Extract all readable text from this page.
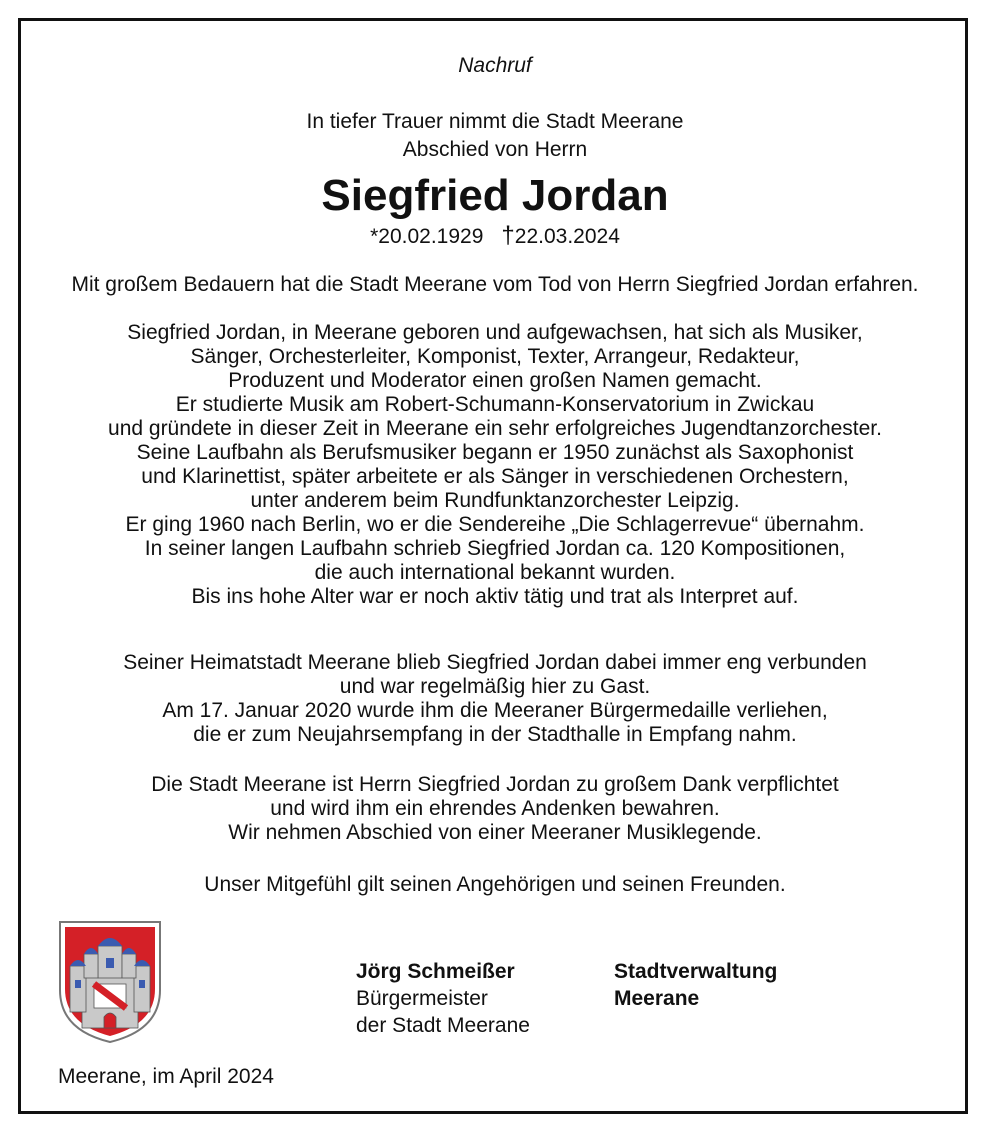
Nachruf
In tiefer Trauer nimmt die Stadt Meerane
Abschied von Herrn
Siegfried Jordan
*20.02.1929 †22.03.2024
Mit großem Bedauern hat die Stadt Meerane vom Tod von Herrn Siegfried Jordan erfahren.
Siegfried Jordan, in Meerane geboren und aufgewachsen, hat sich als Musiker,
Sänger, Orchesterleiter, Komponist, Texter, Arrangeur, Redakteur,
Produzent und Moderator einen großen Namen gemacht.
Er studierte Musik am Robert-Schumann-Konservatorium in Zwickau
und gründete in dieser Zeit in Meerane ein sehr erfolgreiches Jugendtanzorchester.
Seine Laufbahn als Berufsmusiker begann er 1950 zunächst als Saxophonist
und Klarinettist, später arbeitete er als Sänger in verschiedenen Orchestern,
unter anderem beim Rundfunktanzorchester Leipzig.
Er ging 1960 nach Berlin, wo er die Sendereihe „Die Schlagerrevue“ übernahm.
In seiner langen Laufbahn schrieb Siegfried Jordan ca. 120 Kompositionen,
die auch international bekannt wurden.
Bis ins hohe Alter war er noch aktiv tätig und trat als Interpret auf.
Seiner Heimatstadt Meerane blieb Siegfried Jordan dabei immer eng verbunden
und war regelmäßig hier zu Gast.
Am 17. Januar 2020 wurde ihm die Meeraner Bürgermedaille verliehen,
die er zum Neujahrsempfang in der Stadthalle in Empfang nahm.
Die Stadt Meerane ist Herrn Siegfried Jordan zu großem Dank verpflichtet
und wird ihm ein ehrendes Andenken bewahren.
Wir nehmen Abschied von einer Meeraner Musiklegende.
Unser Mitgefühl gilt seinen Angehörigen und seinen Freunden.
Jörg Schmeißer
Bürgermeister
der Stadt Meerane
Stadtverwaltung
Meerane
Meerane, im April 2024
